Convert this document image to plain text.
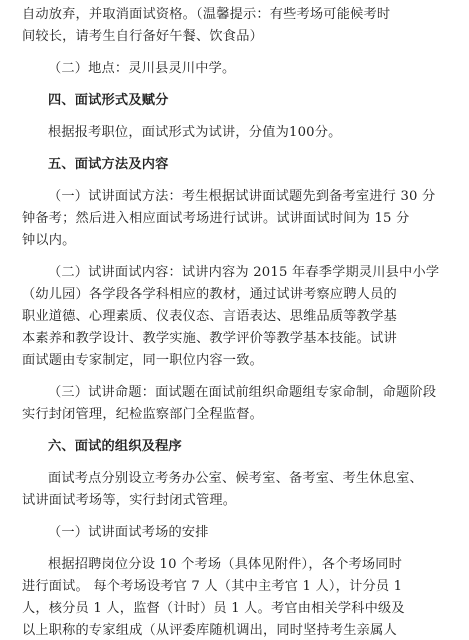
自动放弃，并取消面试资格。（温馨提示：有些考场可能候考时
间较长，请考生自行备好午餐、饮食品）
（二）地点：灵川县灵川中学。
四、面试形式及赋分
根据报考职位，面试形式为试讲，分值为100分。
五、面试方法及内容
（一）试讲面试方法：考生根据试讲面试题先到备考室进行 30 分
钟备考；然后进入相应面试考场进行试讲。试讲面试时间为 15 分
钟以内。
（二）试讲面试内容：试讲内容为 2015 年春季学期灵川县中小学
（幼儿园）各学段各学科相应的教材，通过试讲考察应聘人员的
职业道德、心理素质、仪表仪态、言语表达、思维品质等教学基
本素养和教学设计、教学实施、教学评价等教学基本技能。试讲
面试题由专家制定，同一职位内容一致。
（三）试讲命题：面试题在面试前组织命题组专家命制，命题阶段
实行封闭管理，纪检监察部门全程监督。
六、面试的组织及程序
面试考点分别设立考务办公室、候考室、备考室、考生休息室、
试讲面试考场等，实行封闭式管理。
（一）试讲面试考场的安排
根据招聘岗位分设 10 个考场（具体见附件），各个考场同时
进行面试。 每个考场设考官 7 人（其中主考官 1 人），计分员 1
人，核分员 1 人，监督（计时）员 1 人。考官由相关学科中级及
以上职称的专家组成（从评委库随机调出，同时坚持考生亲属人
